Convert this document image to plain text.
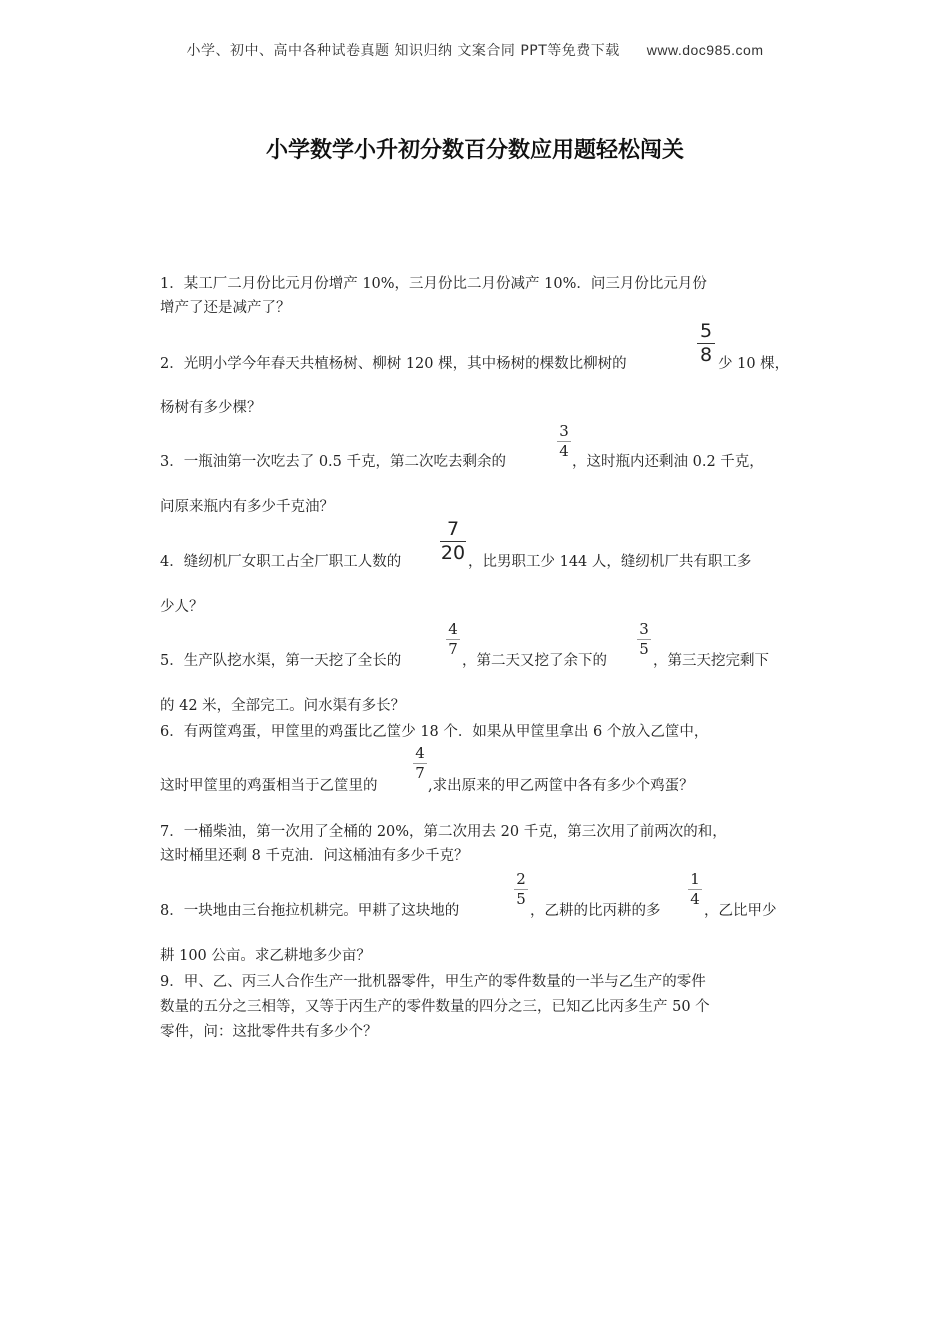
小学、初中、高中各种试卷真题 知识归纳 文案合同 PPT等免费下载 www.doc985.com
小学数学小升初分数百分数应用题轻松闯关
1．某工厂二月份比元月份增产 10%，三月份比二月份减产 10%．问三月份比元月份
增产了还是减产了？
2．光明小学今年春天共植杨树、柳树 120 棵，其中杨树的棵数比柳树的
5
8 少 10 棵，
杨树有多少棵？
3．一瓶油第一次吃去了 0.5 千克，第二次吃去剩余的
3
4
，这时瓶内还剩油 0.2 千克，
问原来瓶内有多少千克油？
4．缝纫机厂女职工占全厂职工人数的
7
20 ，比男职工少 144 人，缝纫机厂共有职工多
少人？
5．生产队挖水渠，第一天挖了全长的
4
7
，第二天又挖了余下的
3
5
，第三天挖完剩下
的 42 米，全部完工。问水渠有多长？
6．有两筐鸡蛋，甲筐里的鸡蛋比乙筐少 18 个．如果从甲筐里拿出 6 个放入乙筐中，
这时甲筐里的鸡蛋相当于乙筐里的
4
7
,求出原来的甲乙两筐中各有多少个鸡蛋？
7．一桶柴油，第一次用了全桶的 20%，第二次用去 20 千克，第三次用了前两次的和，
这时桶里还剩 8 千克油．问这桶油有多少千克？
8．一块地由三台拖拉机耕完。甲耕了这块地的
2
5
，乙耕的比丙耕的多
1
4
，乙比甲少
耕 100 公亩。求乙耕地多少亩？
9．甲、乙、丙三人合作生产一批机器零件，甲生产的零件数量的一半与乙生产的零件
数量的五分之三相等，又等于丙生产的零件数量的四分之三，已知乙比丙多生产 50 个
零件，问：这批零件共有多少个？
